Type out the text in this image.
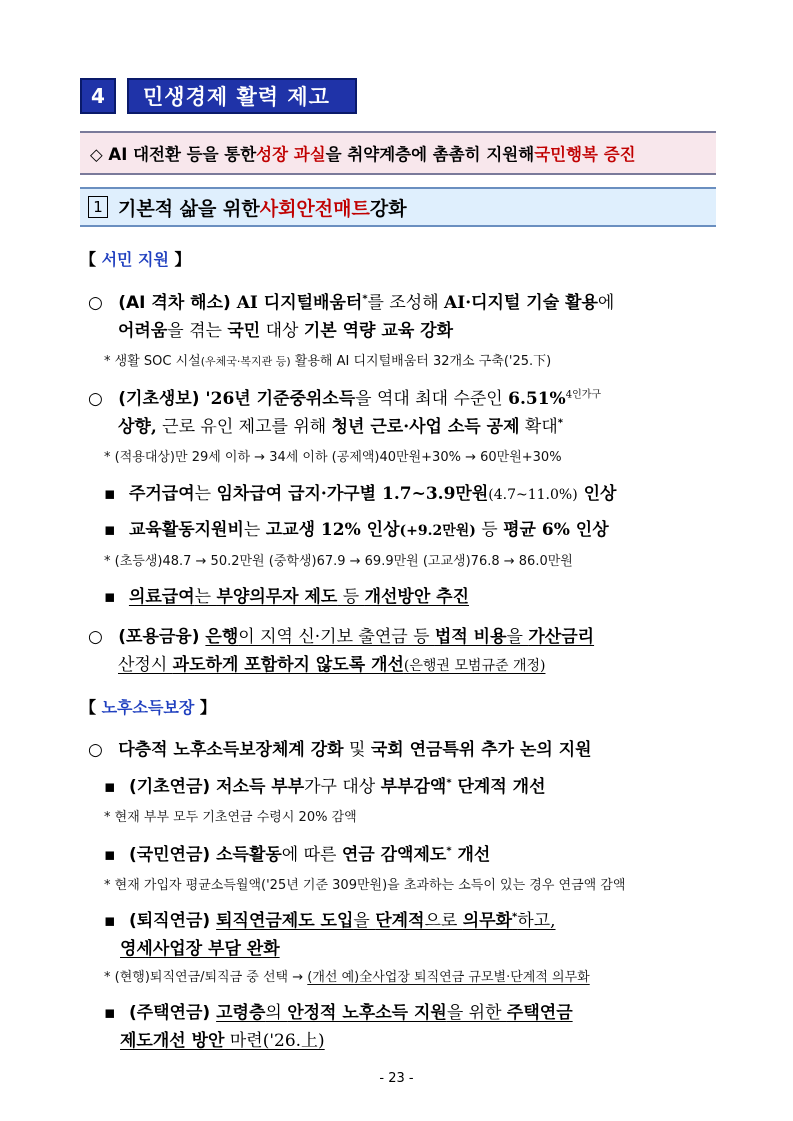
4	민생경제 활력 제고
◇ AI 대전환 등을 통한 성장 과실 을 취약계층에 촘촘히 지원해 국민행복 증진
1 기본적 삶을 위한 사회안전매트 강화
【 서민 지원 】
○ (AI 격차 해소) AI 디지털배움터*를 조성해 AI·디지털 기술 활용에
어려움을 겪는 국민 대상 기본 역량 교육 강화
* 생활 SOC 시설(우체국·복지관 등) 활용해 AI 디지털배움터 32개소 구축('25.下)
○ (기초생보) '26년 기준중위소득을 역대 최대 수준인 6.51%$^{4인가구}$
상향, 근로 유인 제고를 위해 청년 근로·사업 소득 공제 확대*
* (적용대상)만 29세 이하 → 34세 이하 (공제액)40만원+30% → 60만원+30%
▪ 주거급여는 임차급여 급지·가구별 1.7~3.9만원(4.7~11.0%) 인상
▪ 교육활동지원비는 고교생 12% 인상(+9.2만원) 등 평균 6% 인상
* (초등생)48.7 → 50.2만원 (중학생)67.9 → 69.9만원 (고교생)76.8 → 86.0만원
▪ 의료급여는 부양의무자 제도 등 개선방안 추진
○ (포용금융) 은행이 지역 신·기보 출연금 등 법적 비용을 가산금리
산정시 과도하게 포함하지 않도록 개선(은행권 모범규준 개정)
【 노후소득보장 】
○ 다층적 노후소득보장체계 강화 및 국회 연금특위 추가 논의 지원
▪ (기초연금) 저소득 부부가구 대상 부부감액* 단계적 개선
* 현재 부부 모두 기초연금 수령시 20% 감액
▪ (국민연금) 소득활동에 따른 연금 감액제도* 개선
* 현재 가입자 평균소득월액('25년 기준 309만원)을 초과하는 소득이 있는 경우 연금액 감액
▪ (퇴직연금) 퇴직연금제도 도입을 단계적으로 의무화*하고,
영세사업장 부담 완화
* (현행)퇴직연금/퇴직금 중 선택 → (개선 예)全사업장 퇴직연금 규모별·단계적 의무화
▪ (주택연금) 고령층의 안정적 노후소득 지원을 위한 주택연금
제도개선 방안 마련('26.上)
- 23 -
